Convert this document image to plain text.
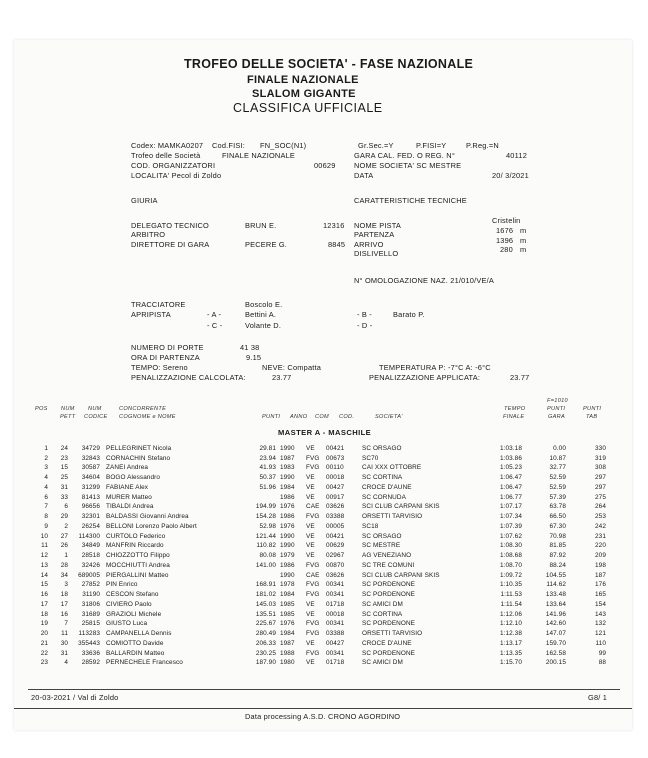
TROFEO DELLE SOCIETA' - FASE NAZIONALE
FINALE NAZIONALE
SLALOM GIGANTE
CLASSIFICA UFFICIALE
Codex: MAMKA0207 Cod.FISI: FN_SOC(N1)	Gr.Sec.=Y	P.FISI=Y	P.Reg.=N
Trofeo delle Società	FINALE NAZIONALE	GARA CAL. FED. O REG. N°	40112
COD. ORGANIZZATORI	00629 NOME SOCIETA' SC MESTRE
LOCALITA' Pecol di Zoldo	DATA	20/ 3/2021
GIURIA	CARATTERISTICHE TECNICHE
DELEGATO TECNICO	BRUN E.	12316 NOME PISTA
Cristelin
ARBITRO	PARTENZA	1676 m
DIRETTORE DI GARA	PECERE G.	8845 ARRIVO	1396 m
DISLIVELLO	280 m
N° OMOLOGAZIONE NAZ. 21/010/VE/A
TRACCIATORE	Boscolo E.
APRIPISTA	- A -	Bettini A.	- B -	Barato P.
- C -	Volante D.	- D -
NUMERO DI PORTE	41 38
ORA DI PARTENZA	9.15
TEMPO: Sereno	NEVE: Compatta	TEMPERATURA P: -7°C A: -6°C
PENALIZZAZIONE CALCOLATA:	23.77	PENALIZZAZIONE APPLICATA:	23.77
POS NUM
PETT
NUM
CODICE
CONCORRENTE
COGNOME e NOME	PUNTI ANNO COM COD.	SOCIETA'
TEMPO
FINALE
F=1010
PUNTI
GARA
PUNTI
TAB
MASTER A - MASCHILE
1	24	34729 PELLEGRINET Nicola	29.81 1990	VE	00421	SC ORSAGO	1:03.18	0.00	330
2	23	32843 CORNACHIN Stefano	23.94 1987	FVG	00673	SC70	1:03.86	10.87	319
3	15	30587 ZANEI Andrea	41.93 1983	FVG	00110	CAI XXX OTTOBRE	1:05.23	32.77	308
4	25	34604 BOGO Alessandro	50.37 1990	VE	00018	SC CORTINA	1:06.47	52.59	297
4	31	31299 FABIANE Alex	51.96 1984	VE	00427	CROCE D'AUNE	1:06.47	52.59	297
6	33	81413 MURER Matteo	1986	VE	00917	SC CORNUDA	1:06.77	57.39	275
7	6	96656 TIBALDI Andrea	194.99 1976	CAE	03626	SCI CLUB CARPANI SKIS	1:07.17	63.78	264
8	29	32301 BALDASSI Giovanni Andrea	154.28 1986	FVG	03388	ORSETTI TARVISIO	1:07.34	66.50	253
9	2	26254 BELLONI Lorenzo Paolo Albert	52.98 1976	VE	00005	SC18	1:07.39	67.30	242
10	27	114300 CURTOLO Federico	121.44 1990	VE	00421	SC ORSAGO	1:07.62	70.98	231
11	26	34849 MANFRIN Riccardo	110.82 1990	VE	00629	SC MESTRE	1:08.30	81.85	220
12	1	28518 CHIOZZOTTO Filippo	80.08 1979	VE	02967	AG VENEZIANO	1:08.68	87.92	209
13	28	32426 MOCCHIUTTI Andrea	141.00 1986	FVG	00870	SC TRE COMUNI	1:08.70	88.24	198
14	34	689005 PIERGALLINI Matteo	1990	CAE	03626	SCI CLUB CARPANI SKIS	1:09.72	104.55	187
15	3	27852 PIN Enrico	168.91 1978	FVG	00341	SC PORDENONE	1:10.35	114.62	176
16	18	31190 CESCON Stefano	181.02 1984	FVG	00341	SC PORDENONE	1:11.53	133.48	165
17	17	31806 CIVIERO Paolo	145.03 1985	VE	01718	SC AMICI DM	1:11.54	133.64	154
18	16	31689 GRAZIOLI Michele	135.51 1985	VE	00018	SC CORTINA	1:12.06	141.96	143
19	7	25815 GIUSTO Luca	225.67 1976	FVG	00341	SC PORDENONE	1:12.10	142.60	132
20	11	113283 CAMPANELLA Dennis	280.49 1984	FVG	03388	ORSETTI TARVISIO	1:12.38	147.07	121
21	30	355443 COMIOTTO Davide	206.33 1987	VE	00427	CROCE D'AUNE	1:13.17	159.70	110
22	31	33636 BALLARDIN Matteo	230.25 1988	FVG	00341	SC PORDENONE	1:13.35	162.58	99
23	4	28592 PERNECHELE Francesco	187.90 1980	VE	01718	SC AMICI DM	1:15.70	200.15	88
20-03-2021 / Val di Zoldo	G8/ 1
Data processing A.S.D. CRONO AGORDINO
